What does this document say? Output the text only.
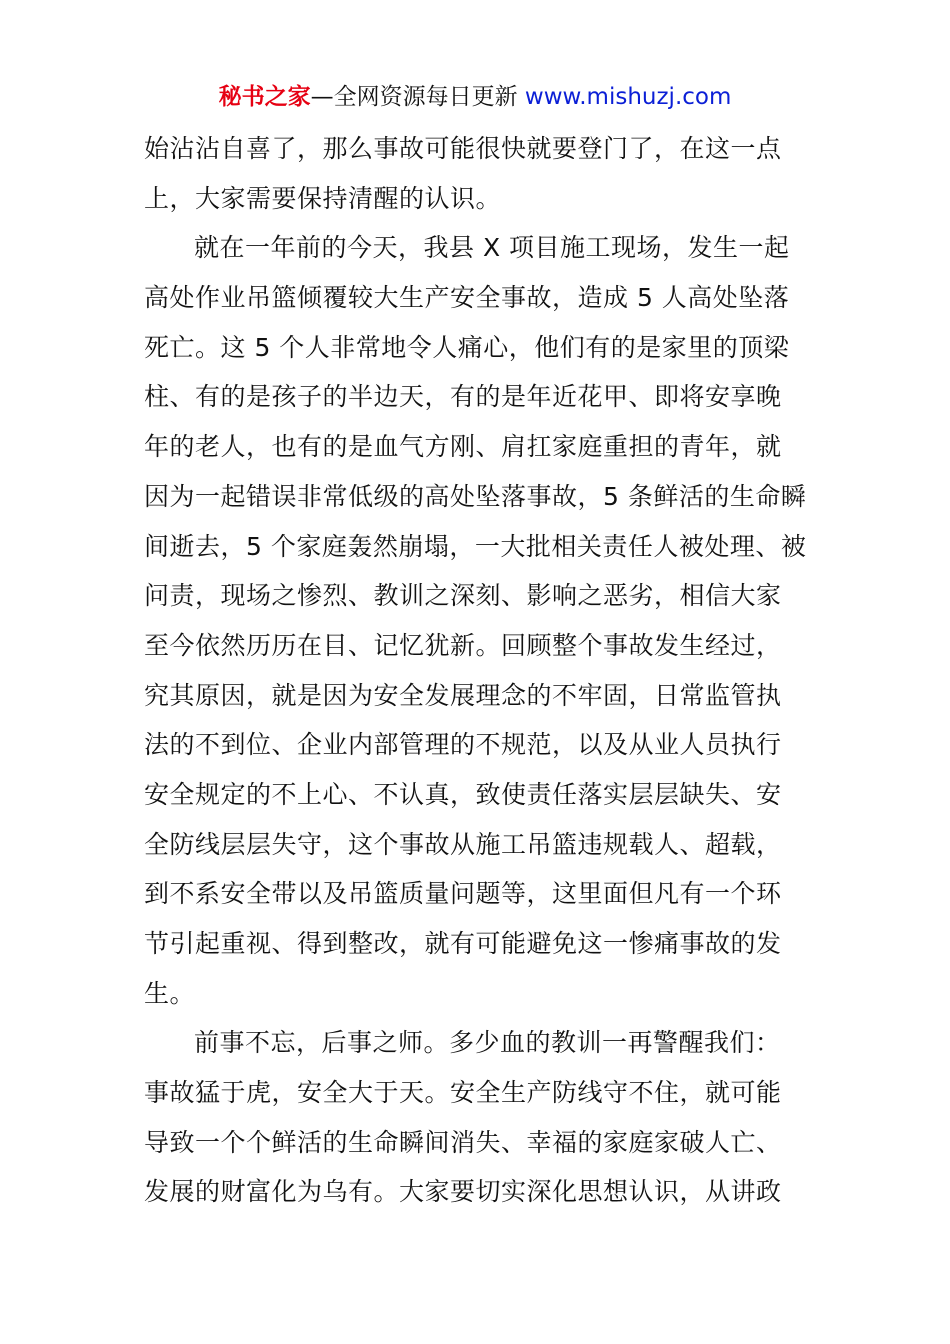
秘书之家—全网资源每日更新 www.mishuzj.com
始沾沾自喜了，那么事故可能很快就要登门了，在这一点
上，大家需要保持清醒的认识。
就在一年前的今天，我县 X 项目施工现场，发生一起
高处作业吊篮倾覆较大生产安全事故，造成 5 人高处坠落
死亡。这 5 个人非常地令人痛心，他们有的是家里的顶梁
柱、有的是孩子的半边天，有的是年近花甲、即将安享晚
年的老人，也有的是血气方刚、肩扛家庭重担的青年，就
因为一起错误非常低级的高处坠落事故，5 条鲜活的生命瞬
间逝去，5 个家庭轰然崩塌，一大批相关责任人被处理、被
问责，现场之惨烈、教训之深刻、影响之恶劣，相信大家
至今依然历历在目、记忆犹新。回顾整个事故发生经过，
究其原因，就是因为安全发展理念的不牢固，日常监管执
法的不到位、企业内部管理的不规范，以及从业人员执行
安全规定的不上心、不认真，致使责任落实层层缺失、安
全防线层层失守，这个事故从施工吊篮违规载人、超载，
到不系安全带以及吊篮质量问题等，这里面但凡有一个环
节引起重视、得到整改，就有可能避免这一惨痛事故的发
生。
前事不忘，后事之师。多少血的教训一再警醒我们：
事故猛于虎，安全大于天。安全生产防线守不住，就可能
导致一个个鲜活的生命瞬间消失、幸福的家庭家破人亡、
发展的财富化为乌有。大家要切实深化思想认识，从讲政
